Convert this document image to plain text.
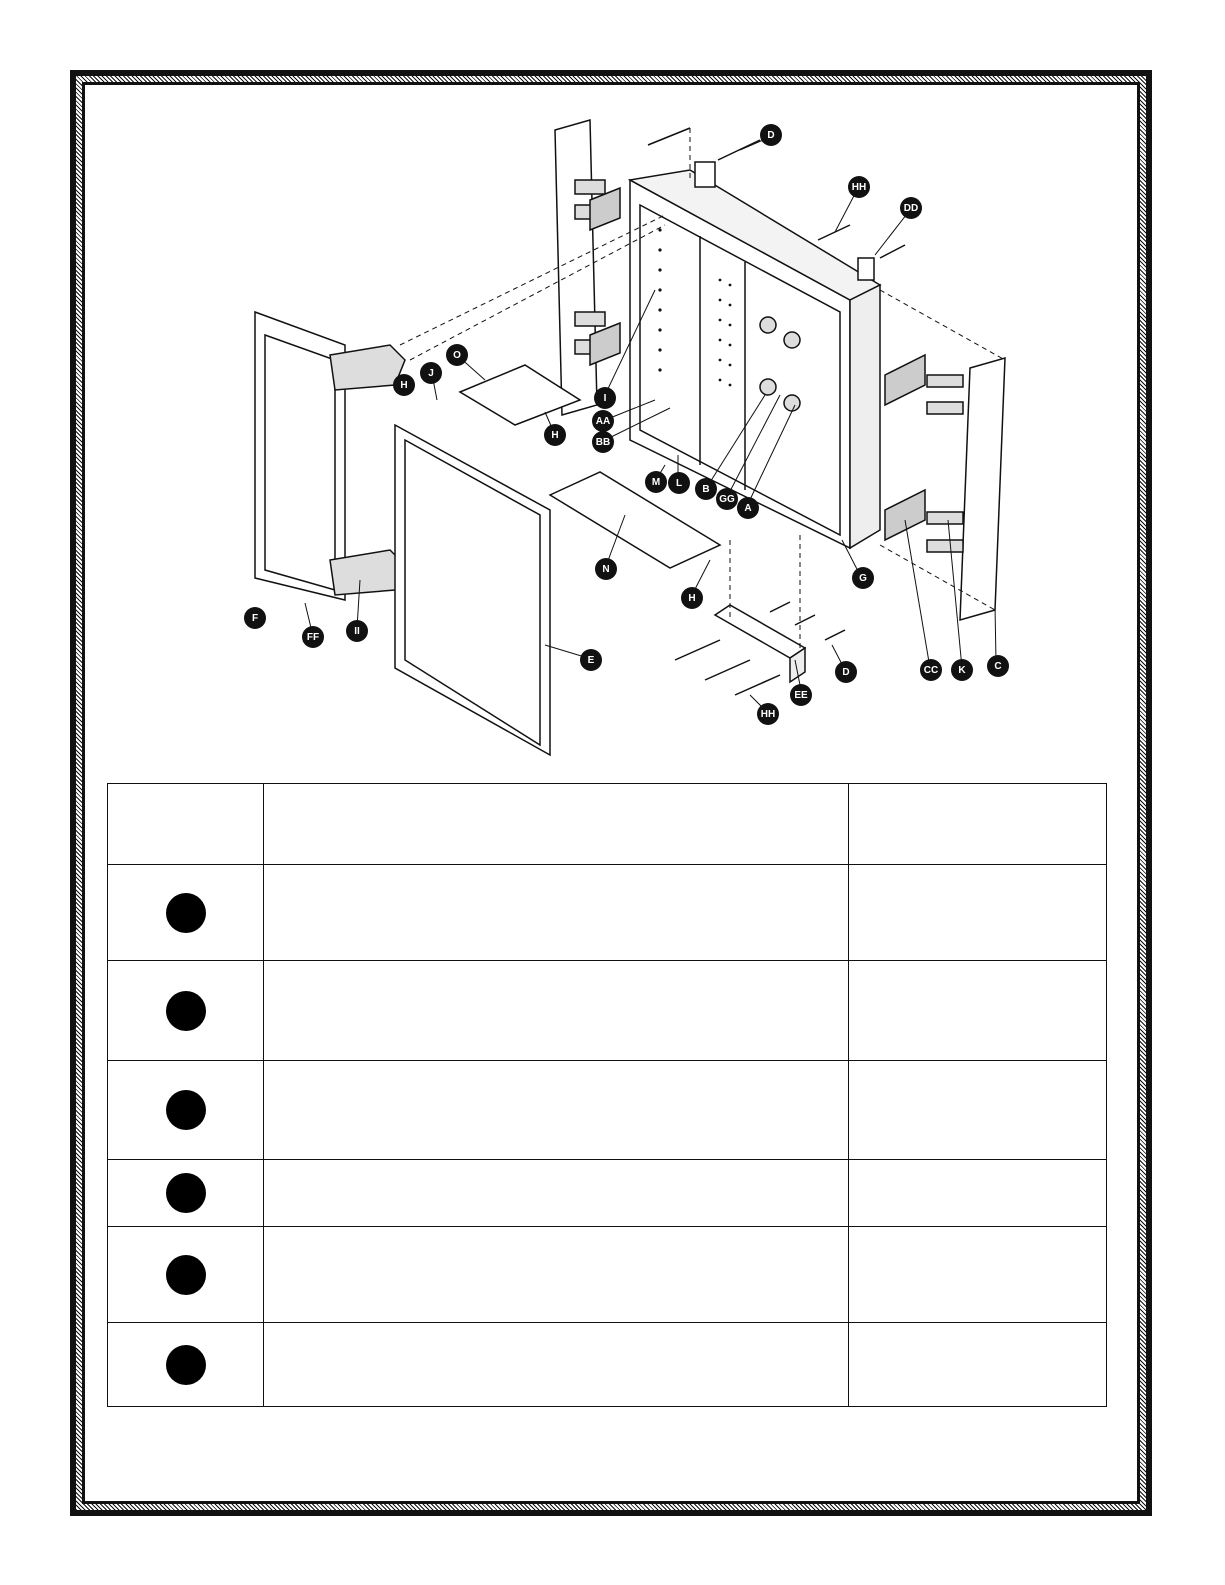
D
HH
DD
O
J
H
H
I
AA
BB
M	L
B
GG
A
N
G
H
F
FF
II
E
EE
D
HH
CC	K	C
